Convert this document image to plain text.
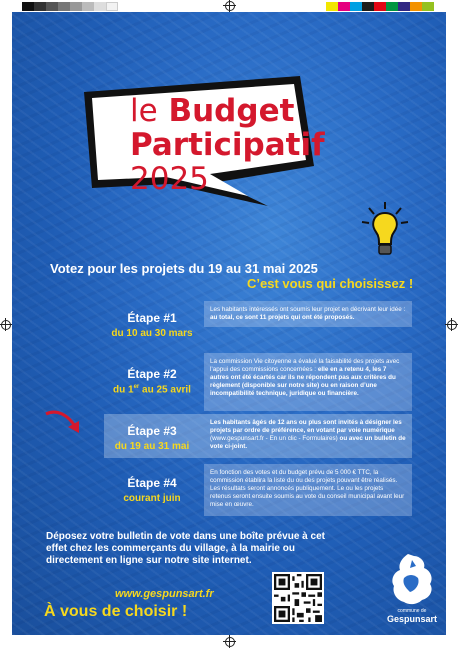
le Budget
Participatif
2025
Votez pour les projets du 19 au 31 mai 2025
C’est vous qui choisissez !
Étape #1
du 10 au 30 mars
Les habitants intéressés ont soumis leur projet en décrivant leur idée : au total, ce sont 11 projets qui ont été proposés.
Étape #2
du 1er au 25 avril
La commission Vie citoyenne a évalué la faisabilité des projets avec l’appui des commissions concernées : elle en a retenu 4, les 7 autres ont été écartés car ils ne répondent pas aux critères du règlement (disponible sur notre site) ou en raison d’une incompatibilité technique, juridique ou financière.
Étape #3
du 19 au 31 mai
Les habitants âgés de 12 ans ou plus sont invités à désigner les projets par ordre de préférence, en votant par voie numérique (www.gespunsart.fr - En un clic - Formulaires) ou avec un bulletin de vote ci-joint.
Étape #4
courant juin
En fonction des votes et du budget prévu de 5 000 € TTC, la commission établira la liste du ou des projets pouvant être réalisés. Les résultats seront annoncés publiquement. Le ou les projets retenus seront ensuite soumis au vote du conseil municipal avant leur mise en œuvre.
Déposez votre bulletin de vote dans une boîte prévue à cet effet chez les commerçants du village, à la mairie ou directement en ligne sur notre site internet.
www.gespunsart.fr
À vous de choisir !	commune de
Gespunsart
